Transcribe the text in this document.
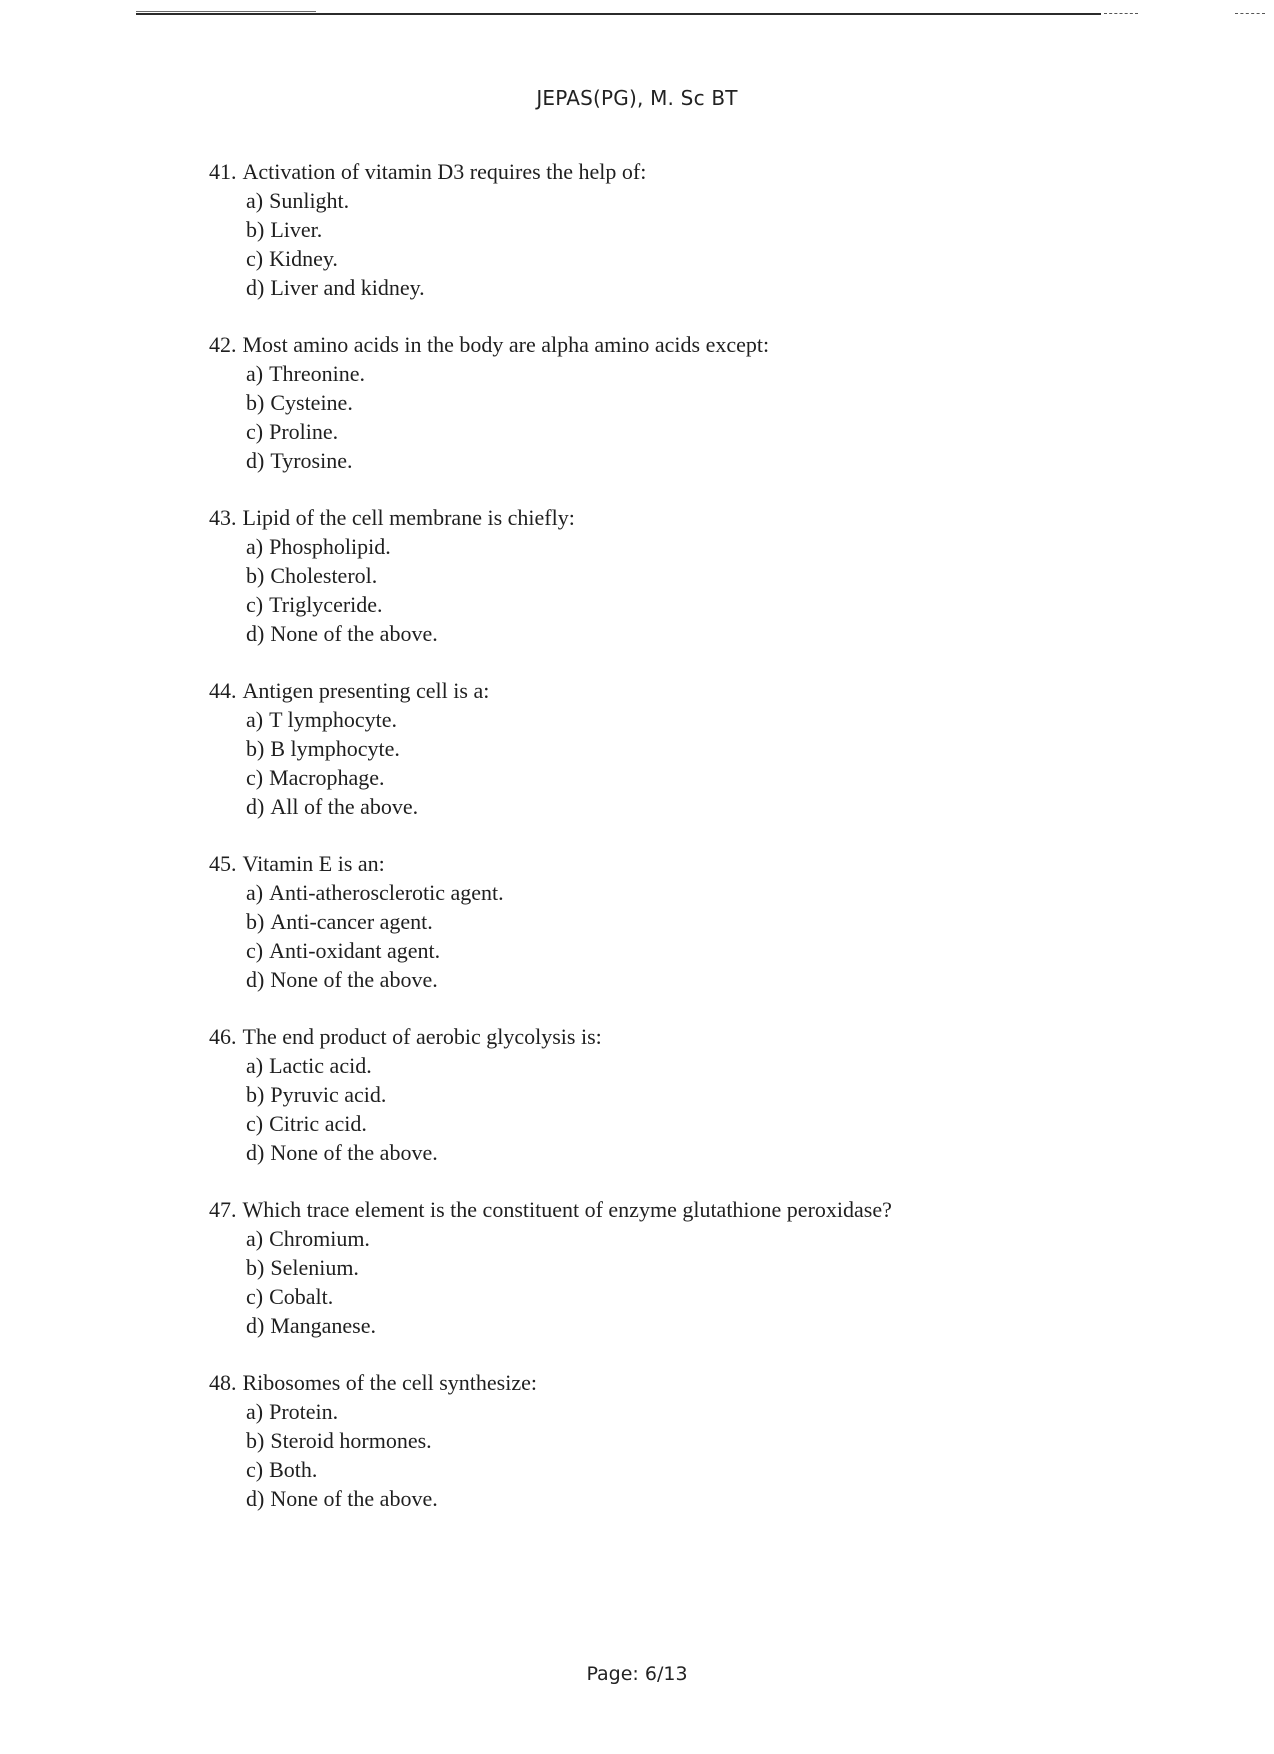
JEPAS(PG), M. Sc BT
41. Activation of vitamin D3 requires the help of:
a) Sunlight.
b) Liver.
c) Kidney.
d) Liver and kidney.
42. Most amino acids in the body are alpha amino acids except:
a) Threonine.
b) Cysteine.
c) Proline.
d) Tyrosine.
43. Lipid of the cell membrane is chiefly:
a) Phospholipid.
b) Cholesterol.
c) Triglyceride.
d) None of the above.
44. Antigen presenting cell is a:
a) T lymphocyte.
b) B lymphocyte.
c) Macrophage.
d) All of the above.
45. Vitamin E is an:
a) Anti-atherosclerotic agent.
b) Anti-cancer agent.
c) Anti-oxidant agent.
d) None of the above.
46. The end product of aerobic glycolysis is:
a) Lactic acid.
b) Pyruvic acid.
c) Citric acid.
d) None of the above.
47. Which trace element is the constituent of enzyme glutathione peroxidase?
a) Chromium.
b) Selenium.
c) Cobalt.
d) Manganese.
48. Ribosomes of the cell synthesize:
a) Protein.
b) Steroid hormones.
c) Both.
d) None of the above.
Page: 6/13
